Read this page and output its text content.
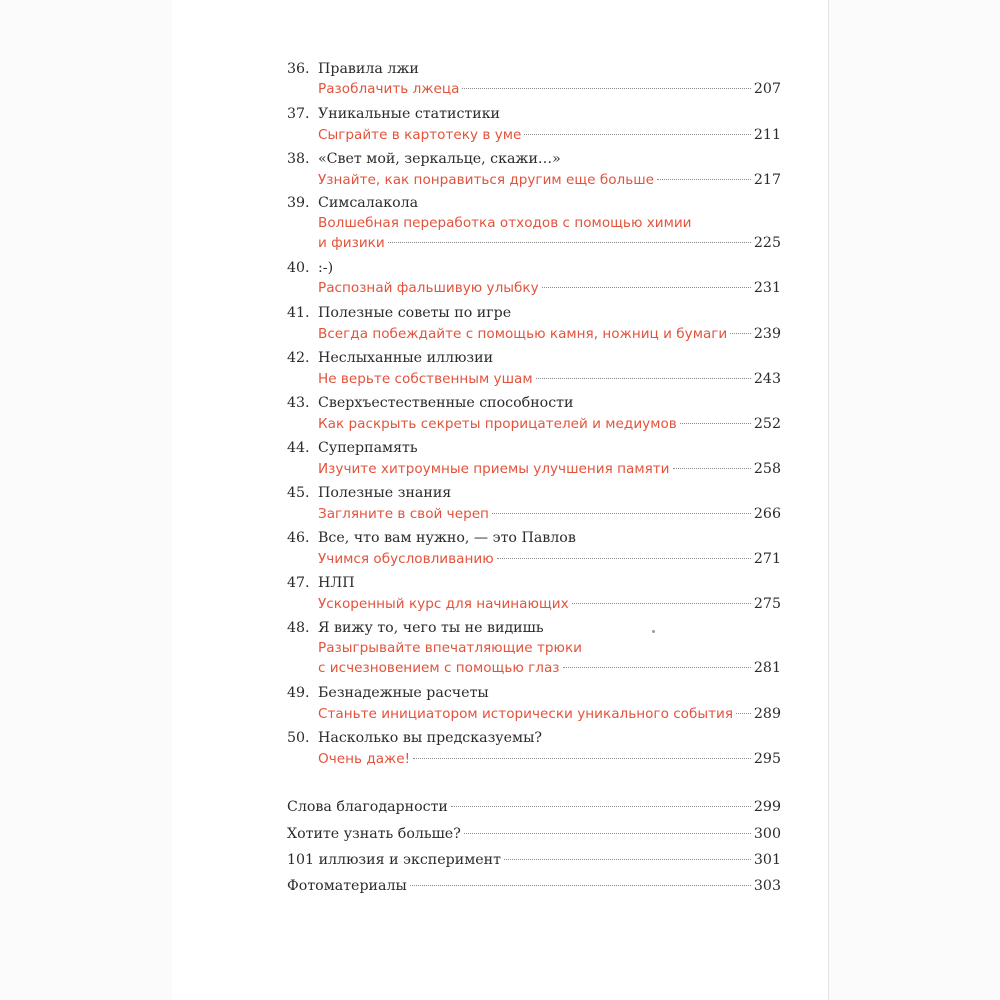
36. Правила лжи
Разоблачить лжеца	207
37. Уникальные статистики
Сыграйте в картотеку в уме	211
38. «Свет мой, зеркальце, скажи…»
Узнайте, как понравиться другим еще больше	217
39. Симсалакола
Волшебная переработка отходов с помощью химии
и физики	225
40. :-)
Распознай фальшивую улыбку	231
41. Полезные советы по игре
Всегда побеждайте с помощью камня, ножниц и бумаги 239
42. Неслыханные иллюзии
Не верьте собственным ушам	243
43. Сверхъестественные способности
Как раскрыть секреты прорицателей и медиумов	252
44. Суперпамять
Изучите хитроумные приемы улучшения памяти	258
45. Полезные знания
Загляните в свой череп	266
46. Все, что вам нужно, — это Павлов
Учимся обусловливанию	271
47. НЛП
Ускоренный курс для начинающих	275
48. Я вижу то, чего ты не видишь
Разыгрывайте впечатляющие трюки
с исчезновением с помощью глаз	281
49. Безнадежные расчеты
Станьте инициатором исторически уникального события 289
50. Насколько вы предсказуемы?
Очень даже!	295
Слова благодарности	299
Хотите узнать больше?	300
101 иллюзия и эксперимент	301
Фотоматериалы	303
